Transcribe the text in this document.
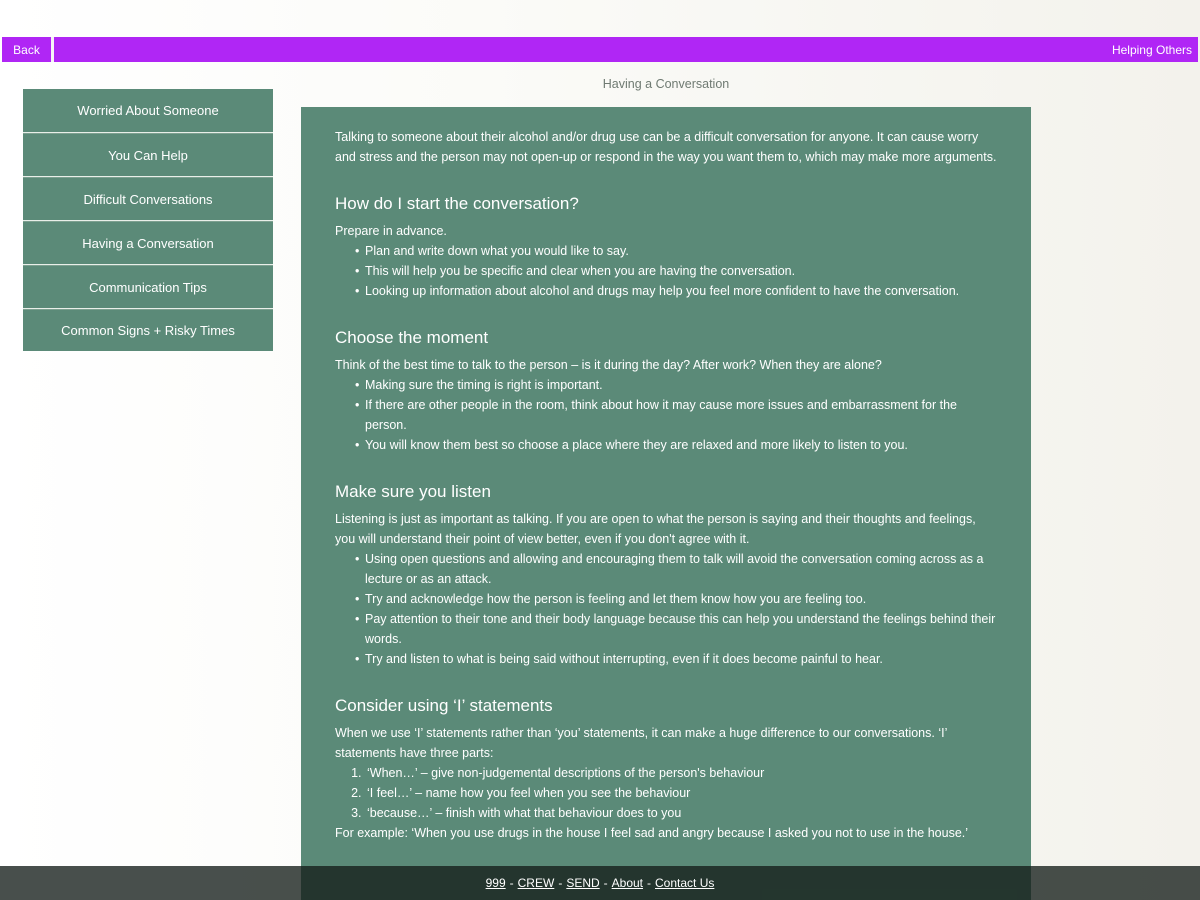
Back	Helping Others
Worried About Someone
You Can Help
Difficult Conversations
Having a Conversation
Communication Tips
Common Signs + Risky Times
Having a Conversation

Talking to someone about their alcohol and/or drug use can be a difficult conversation for anyone. It can cause worry and stress and the person may not open-up or respond in the way you want them to, which may make more arguments.

How do I start the conversation?

Prepare in advance.

• Plan and write down what you would like to say.
• This will help you be specific and clear when you are having the conversation.
• Looking up information about alcohol and drugs may help you feel more confident to have the conversation.
Choose the moment

Think of the best time to talk to the person – is it during the day? After work? When they are alone?

• Making sure the timing is right is important.
• If there are other people in the room, think about how it may cause more issues and embarrassment for the person.
• You will know them best so choose a place where they are relaxed and more likely to listen to you.
Make sure you listen

Listening is just as important as talking. If you are open to what the person is saying and their thoughts and feelings, you will understand their point of view better, even if you don't agree with it.

• Using open questions and allowing and encouraging them to talk will avoid the conversation coming across as a lecture or as an attack.
• Try and acknowledge how the person is feeling and let them know how you are feeling too.
• Pay attention to their tone and their body language because this can help you understand the feelings behind their words.
• Try and listen to what is being said without interrupting, even if it does become painful to hear.
Consider using ‘I’ statements

When we use ‘I’ statements rather than ‘you’ statements, it can make a huge difference to our conversations. ‘I’ statements have three parts:

1. ‘When…’ – give non-judgemental descriptions of the person's behaviour
2. ‘I feel…’ – name how you feel when you see the behaviour
3. ‘because…’ – finish with what that behaviour does to you

For example: ‘When you use drugs in the house I feel sad and angry because I asked you not to use in the house.’

999 - CREW - SEND - About - Contact Us
